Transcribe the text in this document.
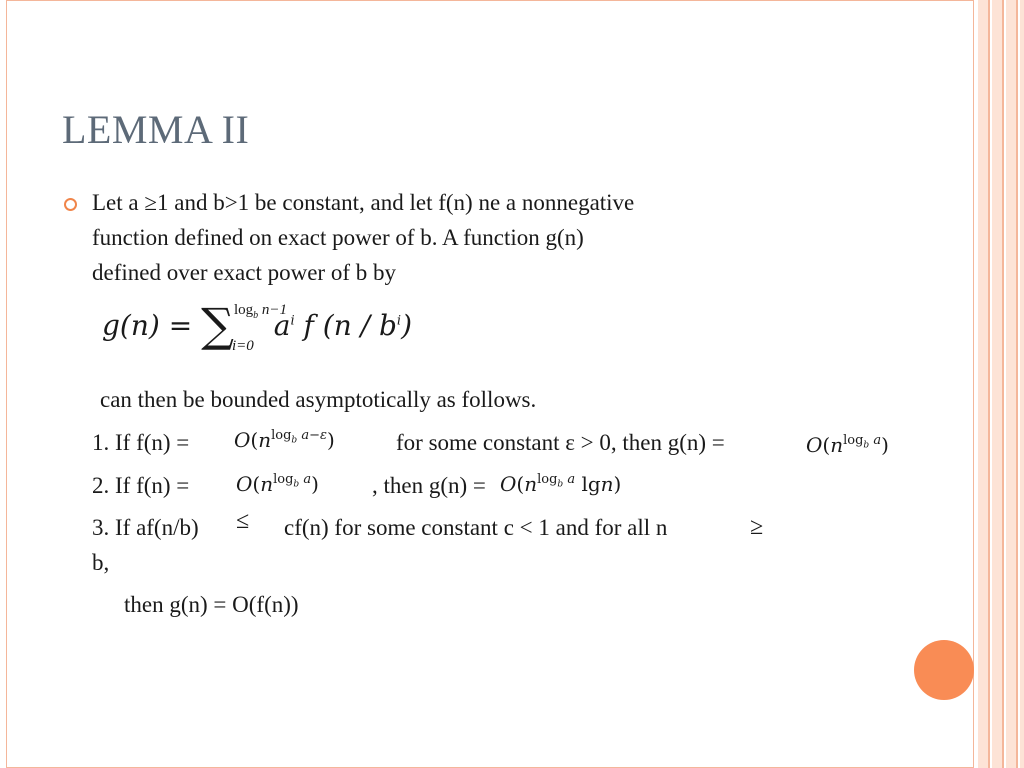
LEMMA II
Let a ≥1 and b>1 be constant, and let f(n) ne a nonnegative
function defined on exact power of b. A function g(n)
defined over exact power of b by
g(n) = ∑ $a^i$ f $(n / b^i)$
$\log_b n-1$
i=0
can then be bounded asymptotically as follows.
1. If $f(n) = O(n^{log_b a-\varepsilon})$	for some constant ε > 0, then g(n) =	$O(n^{log_b a})$
2. If $f(n) = O(n^{log_b a})$ , then $g(n) = O(n^{log_b a}$ lgn)
3. If af(n/b) ≤ cf(n) for some constant c < 1 and for all n	≥
b,
then g(n) = O(f(n))
